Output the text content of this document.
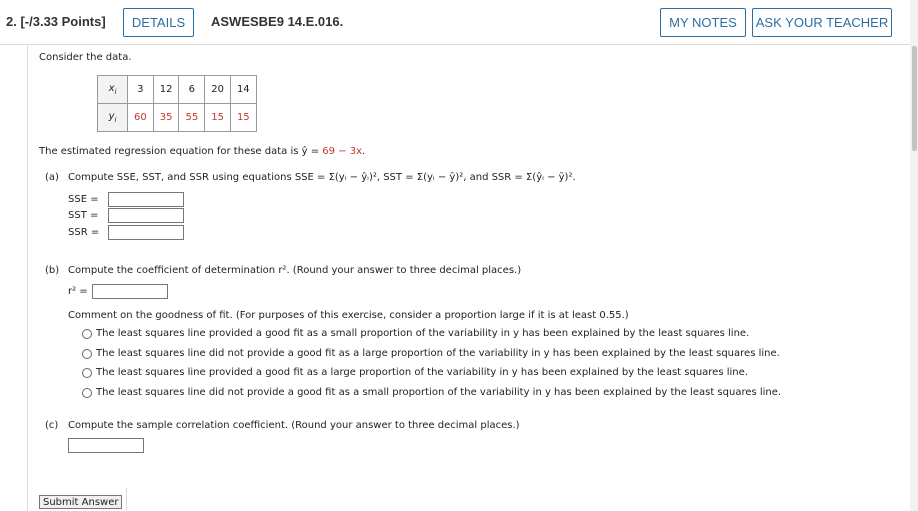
2. [-/3.33 Points]	DETAILS	ASWESBE9 14.E.016.	MY NOTES	ASK YOUR TEACHER
Consider the data.
$x_i$	3	12	6	20	14
$y_i$	60	35	55	15	15
The estimated regression equation for these data is ŷ = 69 − 3x.
(a) Compute SSE, SST, and SSR using equations SSE = Σ(yᵢ − ŷᵢ)², SST = Σ(yᵢ − ȳ)², and SSR = Σ(ŷᵢ − ȳ)².
SSE =
SST =
SSR =
(b) Compute the coefficient of determination r². (Round your answer to three decimal places.)
r² =
Comment on the goodness of fit. (For purposes of this exercise, consider a proportion large if it is at least 0.55.)
The least squares line provided a good fit as a small proportion of the variability in y has been explained by the least squares line.
The least squares line did not provide a good fit as a large proportion of the variability in y has been explained by the least squares line.
The least squares line provided a good fit as a large proportion of the variability in y has been explained by the least squares line.
The least squares line did not provide a good fit as a small proportion of the variability in y has been explained by the least squares line.
(c) Compute the sample correlation coefficient. (Round your answer to three decimal places.)
Submit Answer
